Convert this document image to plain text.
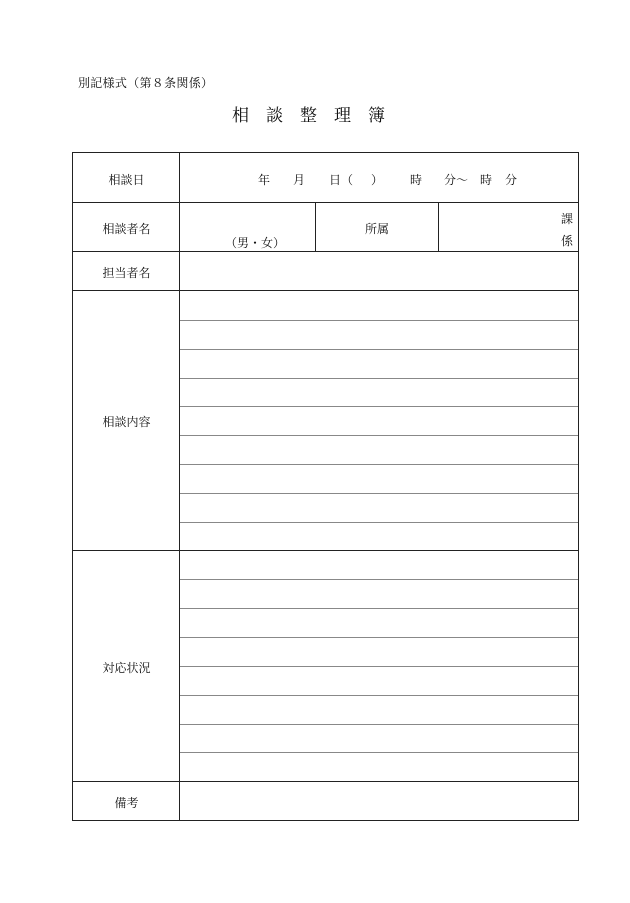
別記様式（第８条関係）
相談整理簿
相談日	年 月 日（ ） 時 分〜 時 分
相談者名
（男・女）
所属
課
係
担当者名
相談内容
対応状況
備考
